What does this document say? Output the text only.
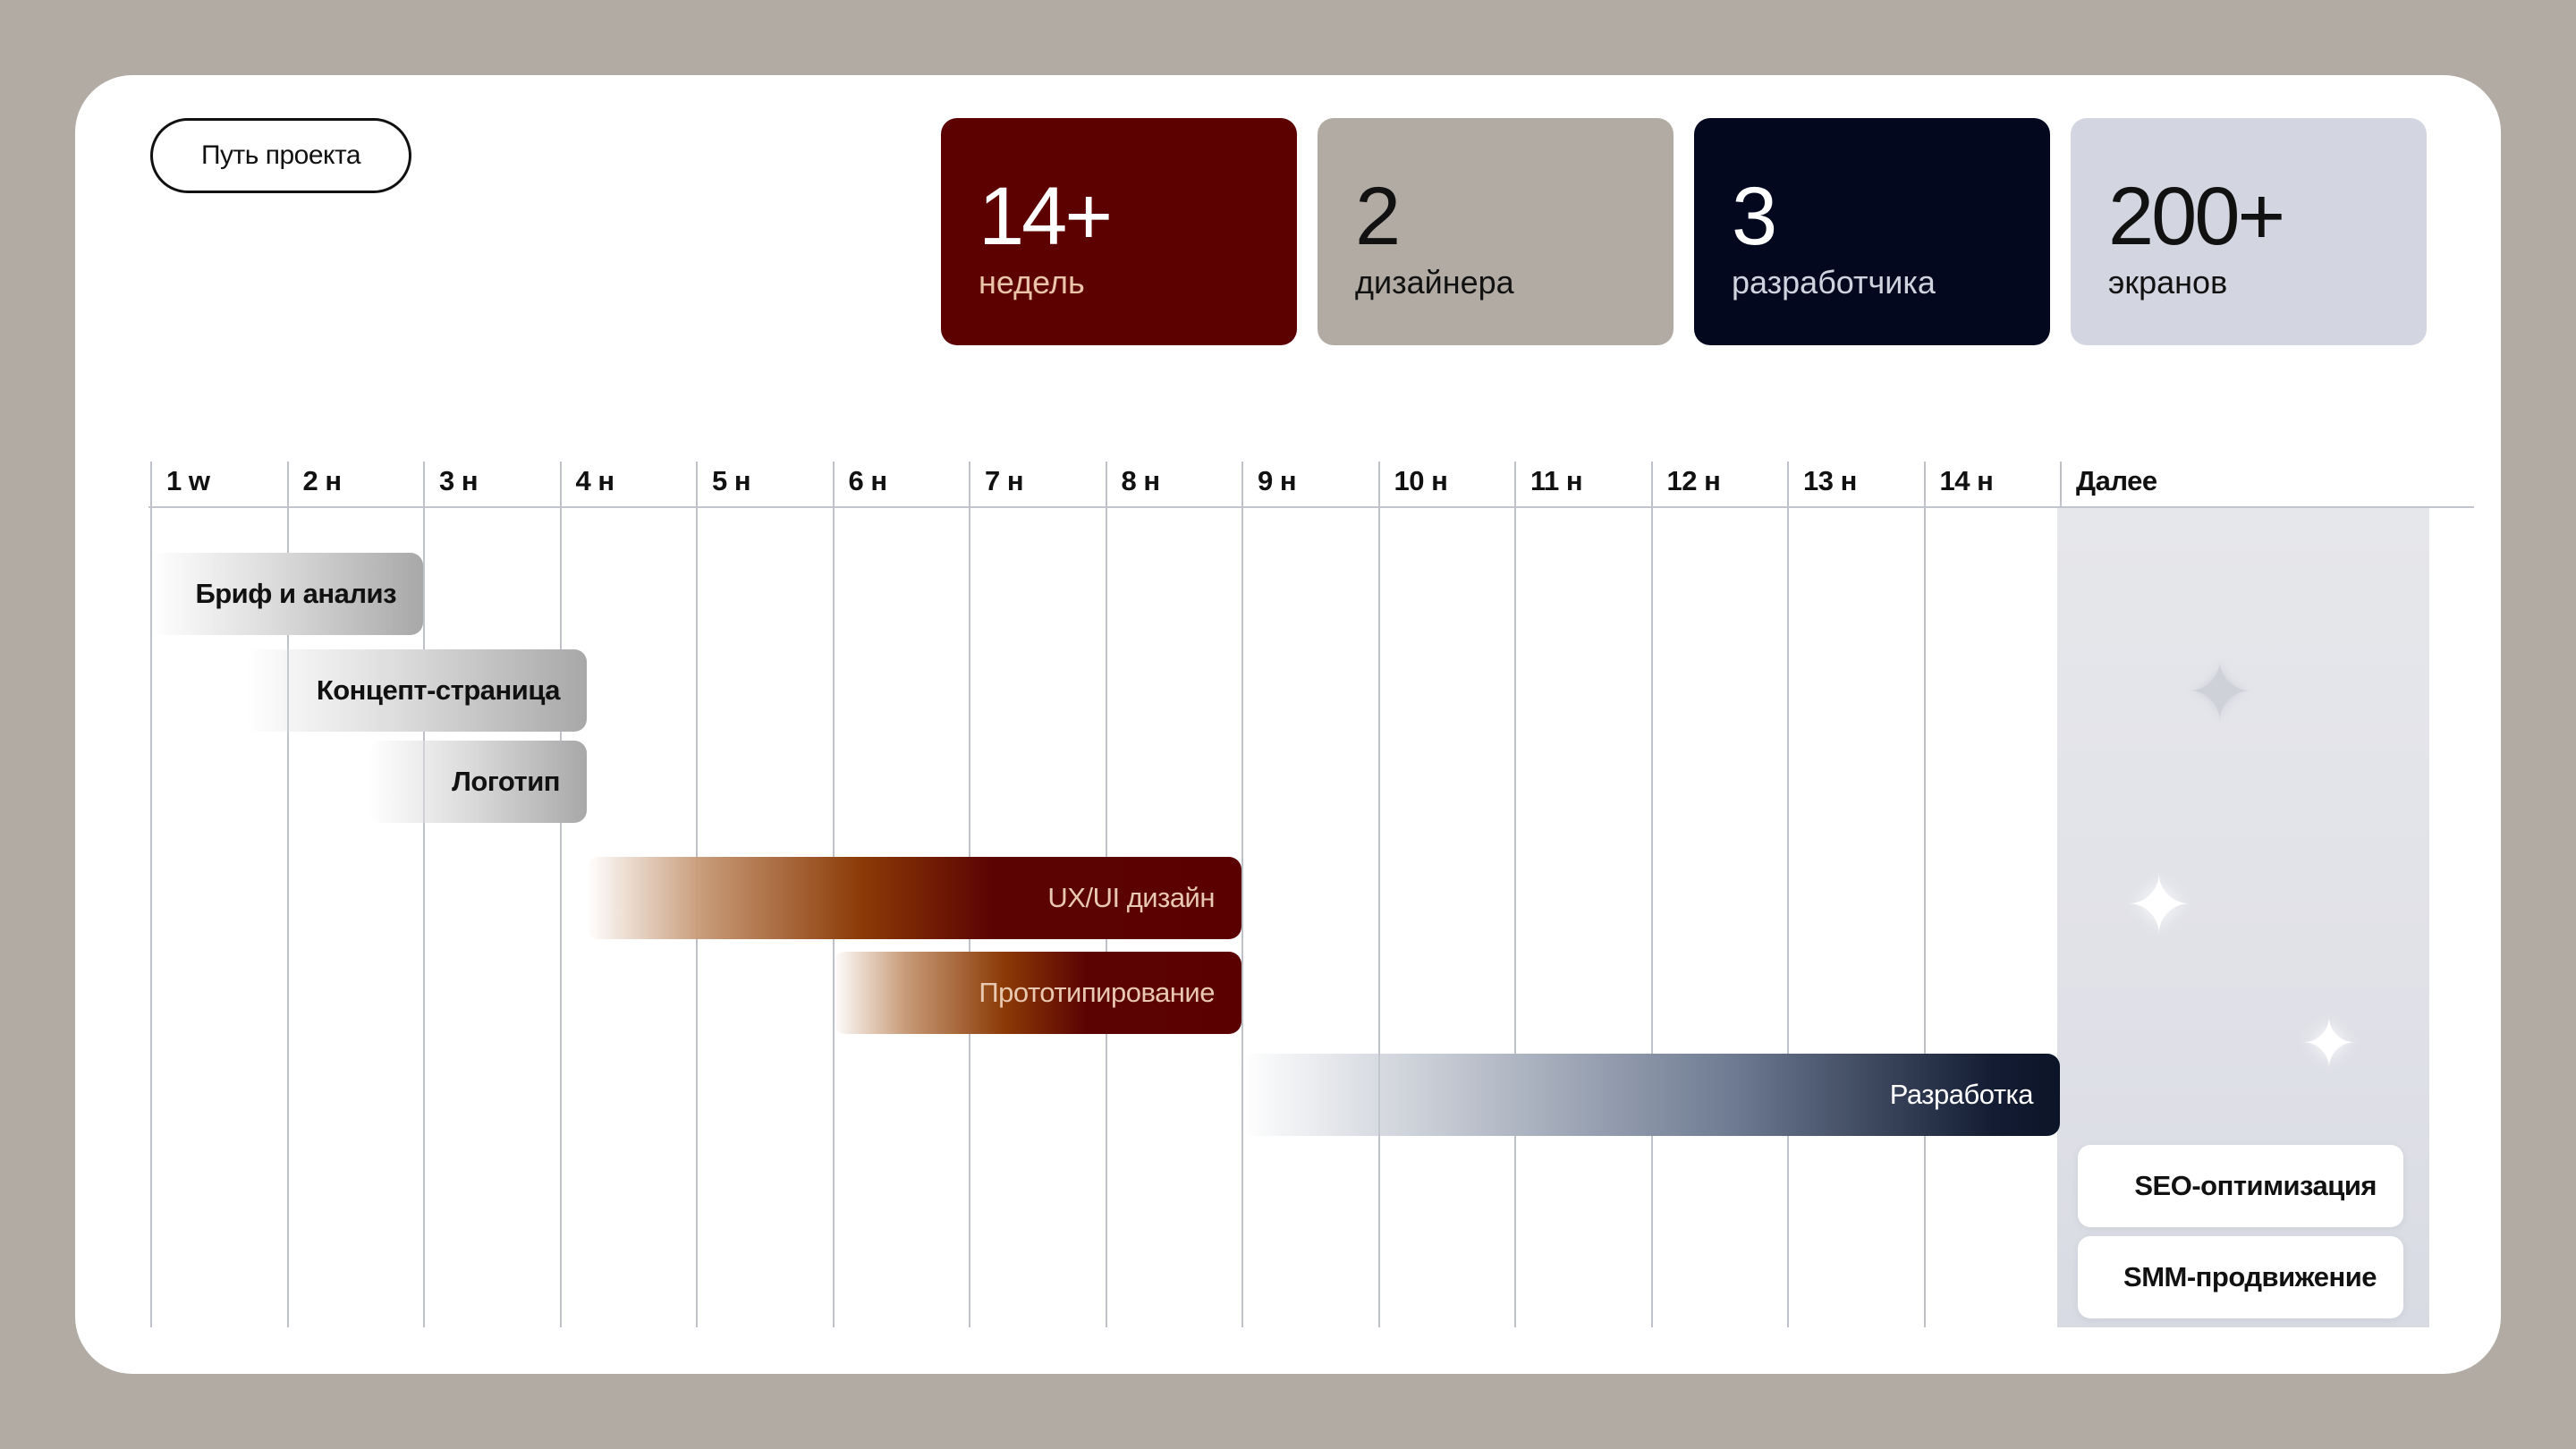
Путь проекта
14+
недель
2
дизайнера
3
разработчика
200+
экранов
✦
✦
✦
1 w	2 н	3 н	4 н	5 н	6 н	7 н	8 н	9 н	10 н	11 н	12 н	13 н	14 н	Далее
Бриф и анализ
Концепт-страница
Логотип
UX/UI дизайн
Прототипирование
Разработка
SEO-оптимизация
SMM-продвижение
